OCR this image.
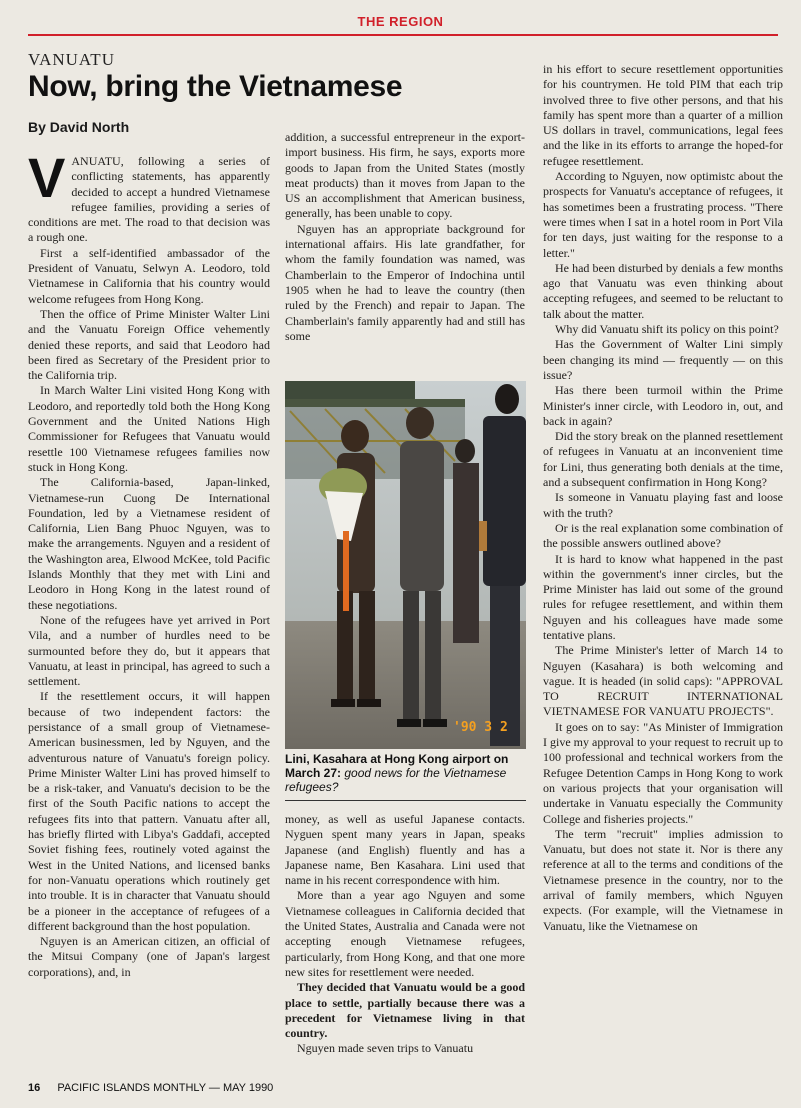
THE REGION
VANUATU
Now, bring the Vietnamese
By David North

VANUATU, following a series of conflicting statements, has apparently decided to accept a hundred Vietnamese refugee families, providing a series of conditions are met. The road to that decision was a rough one.

First a self-identified ambassador of the President of Vanuatu, Selwyn A. Leodoro, told Vietnamese in California that his country would welcome refugees from Hong Kong.

Then the office of Prime Minister Walter Lini and the Vanuatu Foreign Office vehemently denied these reports, and said that Leodoro had been fired as Secretary of the President prior to the California trip.

In March Walter Lini visited Hong Kong with Leodoro, and reportedly told both the Hong Kong Government and the United Nations High Commissioner for Refugees that Vanuatu would resettle 100 Vietnamese refugees families now stuck in Hong Kong.

The California-based, Japan-linked, Vietnamese-run Cuong De International Foundation, led by a Vietnamese resident of California, Lien Bang Phuoc Nguyen, was to make the arrangements. Nguyen and a resident of the Washington area, Elwood McKee, told Pacific Islands Monthly that they met with Lini and Leodoro in Hong Kong in the latest round of these negotiations.

None of the refugees have yet arrived in Port Vila, and a number of hurdles need to be surmounted before they do, but it appears that Vanuatu, at least in principal, has agreed to such a settlement.

If the resettlement occurs, it will happen because of two independent factors: the persistance of a small group of Vietnamese-American businessmen, led by Nguyen, and the adventurous nature of Vanuatu's foreign policy. Prime Minister Walter Lini has proved himself to be a risk-taker, and Vanuatu's decision to be the first of the South Pacific nations to accept the refugees fits into that pattern. Vanuatu after all, has briefly flirted with Libya's Gaddafi, accepted Soviet fishing fees, routinely voted against the West in the United Nations, and licensed banks for non-Vanuatu operations which routinely get into trouble. It is in character that Vanuatu should be a pioneer in the acceptance of refugees of a different background than the host population.

Nguyen is an American citizen, an official of the Mitsui Company (one of Japan's largest corporations), and, in

addition, a successful entrepreneur in the export-import business. His firm, he says, exports more goods to Japan from the United States (mostly meat products) than it moves from Japan to the US an accomplishment that American business, generally, has been unable to copy.

Nguyen has an appropriate background for international affairs. His late grandfather, for whom the family foundation was named, was Chamberlain to the Emperor of Indochina until 1905 when he had to leave the country (then ruled by the French) and repair to Japan. The Chamberlain's family apparently had and still has some

'90 3 2
Lini, Kasahara at Hong Kong airport on March 27: good news for the Vietnamese refugees?

money, as well as useful Japanese contacts. Nyguen spent many years in Japan, speaks Japanese (and English) fluently and has a Japanese name, Ben Kasahara. Lini used that name in his recent correspondence with him.

More than a year ago Nguyen and some Vietnamese colleagues in California decided that the United States, Australia and Canada were not accepting enough Vietnamese refugees, particularly, from Hong Kong, and that one more new sites for resettlement were needed.

They decided that Vanuatu would be a good place to settle, partially because there was a precedent for Vietnamese living in that country.

Nguyen made seven trips to Vanuatu

in his effort to secure resettlement opportunities for his countrymen. He told PIM that each trip involved three to five other persons, and that his family has spent more than a quarter of a million US dollars in travel, communications, legal fees and the like in its efforts to arrange the hoped-for refugee resettlement.

According to Nguyen, now optimistc about the prospects for Vanuatu's acceptance of refugees, it has sometimes been a frustrating process. "There were times when I sat in a hotel room in Port Vila for ten days, just waiting for the response to a letter."

He had been disturbed by denials a few months ago that Vanuatu was even thinking about accepting refugees, and seemed to be reluctant to talk about the matter.

Why did Vanuatu shift its policy on this point?

Has the Government of Walter Lini simply been changing its mind — frequently — on this issue?

Has there been turmoil within the Prime Minister's inner circle, with Leodoro in, out, and back in again?

Did the story break on the planned resettlement of refugees in Vanuatu at an inconvenient time for Lini, thus generating both denials at the time, and a subsequent confirmation in Hong Kong?

Is someone in Vanuatu playing fast and loose with the truth?

Or is the real explanation some combination of the possible answers outlined above?

It is hard to know what happened in the past within the government's inner circles, but the Prime Minister has laid out some of the ground rules for refugee resettlement, and within them Nguyen and his colleagues have made some tentative plans.

The Prime Minister's letter of March 14 to Nguyen (Kasahara) is both welcoming and vague. It is headed (in solid caps): "APPROVAL TO RECRUIT INTERNATIONAL VIETNAMESE FOR VANUATU PROJECTS".

It goes on to say: "As Minister of Immigration I give my approval to your request to recruit up to 100 professional and technical workers from the Refugee Detention Camps in Hong Kong to work on various projects that your organisation will undertake in Vanuatu especially the Community College and fisheries projects."

The term "recruit" implies admission to Vanuatu, but does not state it. Nor is there any reference at all to the terms and conditions of the Vietnamese presence in the country, nor to the arrival of family members, which Nguyen expects. (For example, will the Vietnamese in Vanuatu, like the Vietnamese on

16 PACIFIC ISLANDS MONTHLY — MAY 1990
